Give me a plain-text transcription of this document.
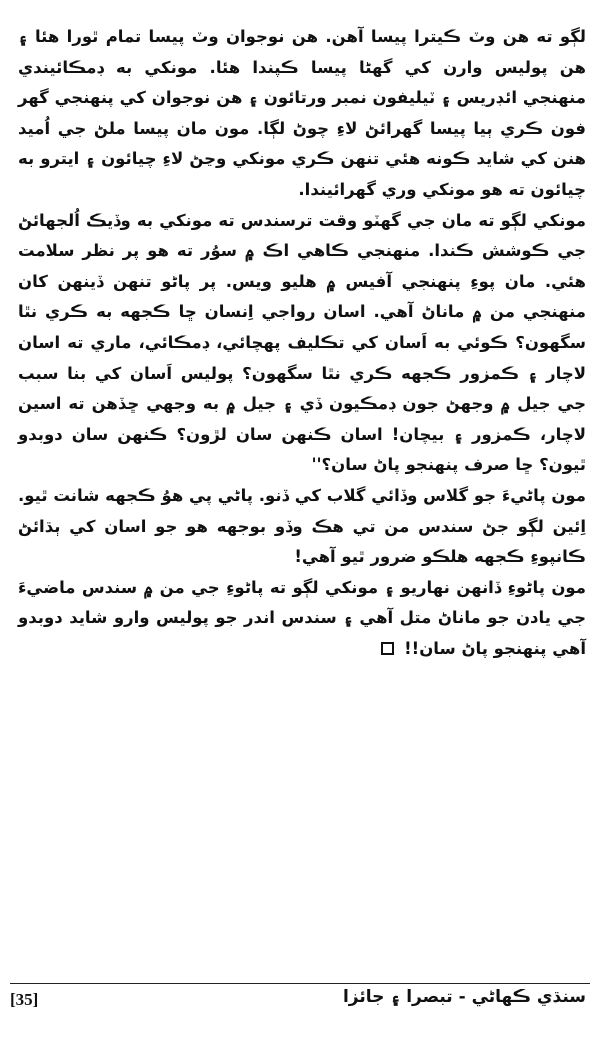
لڳو ته هن وٽ ڪيترا پيسا آهن. هن نوجوان وٽ پيسا تمام ٿورا هئا ۽ هن پوليس وارن کي گهڻا پيسا ڪپندا هئا. مونکي به ڊمڪائيندي منهنجي ائڊريس ۽ ٽيليفون نمبر ورتائون ۽ هن نوجوان کي پنهنجي گهر فون ڪري ٻيا پيسا گهرائڻ لاءِ چوڻ لڳا. مون مان پيسا ملڻ جي اُميد هنن کي شايد ڪونه هئي تنهن ڪري مونکي وڃڻ لاءِ چيائون ۽ ايترو به چيائون ته هو مونکي وري گهرائيندا.

مونکي لڳو ته مان جي گهٽو وقت ترسندس ته مونکي به وڏيڪ اُلجهائڻ جي ڪوشش ڪندا. منهنجي ڪاهي اڪ ۾ سوُر ته هو پر نظر سلامت هئي. مان پوءِ پنهنجي آفيس ۾ هليو ويس. پر پاڻو تنهن ڏينهن کان منهنجي من ۾ ماناڻ آهي. اسان رواجي اِنسان ڇا ڪجهه به ڪري نٿا سگهون؟ ڪوئي به اَسان کي تڪليف پهچائي، ڊمڪائي، ماري ته اسان لاچار ۽ ڪمزور ڪجهه ڪري نٿا سگهون؟ پوليس اَسان کي بنا سبب جي جيل ۾ وجهڻ جون ڊمڪيون ڏي ۽ جيل ۾ به وجهي ڇڏهن ته اسين لاچار، ڪمزور ۽ بيچان! اسان ڪنهن سان لڙون؟ ڪنهن سان دوبدو ٿيون؟ ڇا صرف پنهنجو پاڻ سان؟''

مون پاڻيءَ جو گلاس وڏائي گلاب کي ڏنو. پاڻي پي هوُ ڪجهه شانت ٿيو. اِئين لڳو جڻ سندس من تي هڪ وڏو بوجهه هو جو اسان کي ٻڌائڻ ڪانپوءِ ڪجهه هلڪو ضرور ٿيو آهي!

مون پاڻوءِ ڏانهن نهاريو ۽ مونکي لڳو ته پاڻوءِ جي من ۾ سندس ماضيءَ جي يادن جو ماناڻ متل آهي ۽ سندس اندر جو پوليس وارو شايد دوبدو آهي پنهنجو پاڻ سان!!

[35]	سنڌي ڪهاڻي - تبصرا ۽ جائزا
